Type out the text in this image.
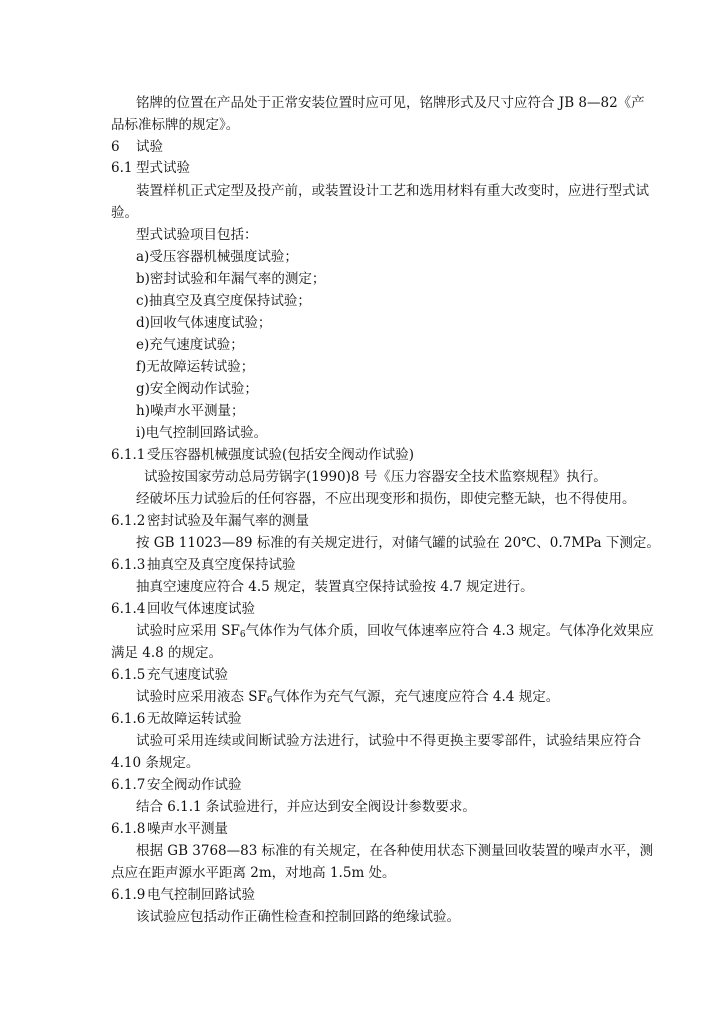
铭牌的位置在产品处于正常安装位置时应可见，铭牌形式及尺寸应符合 JB 8—82《产
品标准标牌的规定》。
6 试验
6.1 型式试验
装置样机正式定型及投产前，或装置设计工艺和选用材料有重大改变时，应进行型式试
验。
型式试验项目包括：
a)受压容器机械强度试验；
b)密封试验和年漏气率的测定；
c)抽真空及真空度保持试验；
d)回收气体速度试验；
e)充气速度试验；
f)无故障运转试验；
g)安全阀动作试验；
h)噪声水平测量；
i)电气控制回路试验。
6.1.1 受压容器机械强度试验(包括安全阀动作试验)
试验按国家劳动总局劳锅字(1990)8 号《压力容器安全技术监察规程》执行。
经破坏压力试验后的任何容器，不应出现变形和损伤，即使完整无缺，也不得使用。
6.1.2 密封试验及年漏气率的测量
按 GB 11023—89 标准的有关规定进行，对储气罐的试验在 20℃、0.7MPa 下测定。
6.1.3 抽真空及真空度保持试验
抽真空速度应符合 4.5 规定，装置真空保持试验按 4.7 规定进行。
6.1.4 回收气体速度试验
试验时应采用 $SF_6$气体作为气体介质，回收气体速率应符合 4.3 规定。气体净化效果应
满足 4.8 的规定。
6.1.5 充气速度试验
试验时应采用液态 $SF_6$气体作为充气气源，充气速度应符合 4.4 规定。
6.1.6 无故障运转试验
试验可采用连续或间断试验方法进行，试验中不得更换主要零部件，试验结果应符合
4.10 条规定。
6.1.7 安全阀动作试验
结合 6.1.1 条试验进行，并应达到安全阀设计参数要求。
6.1.8 噪声水平测量
根据 GB 3768—83 标准的有关规定，在各种使用状态下测量回收装置的噪声水平，测
点应在距声源水平距离 2m，对地高 1.5m 处。
6.1.9 电气控制回路试验
该试验应包括动作正确性检查和控制回路的绝缘试验。
